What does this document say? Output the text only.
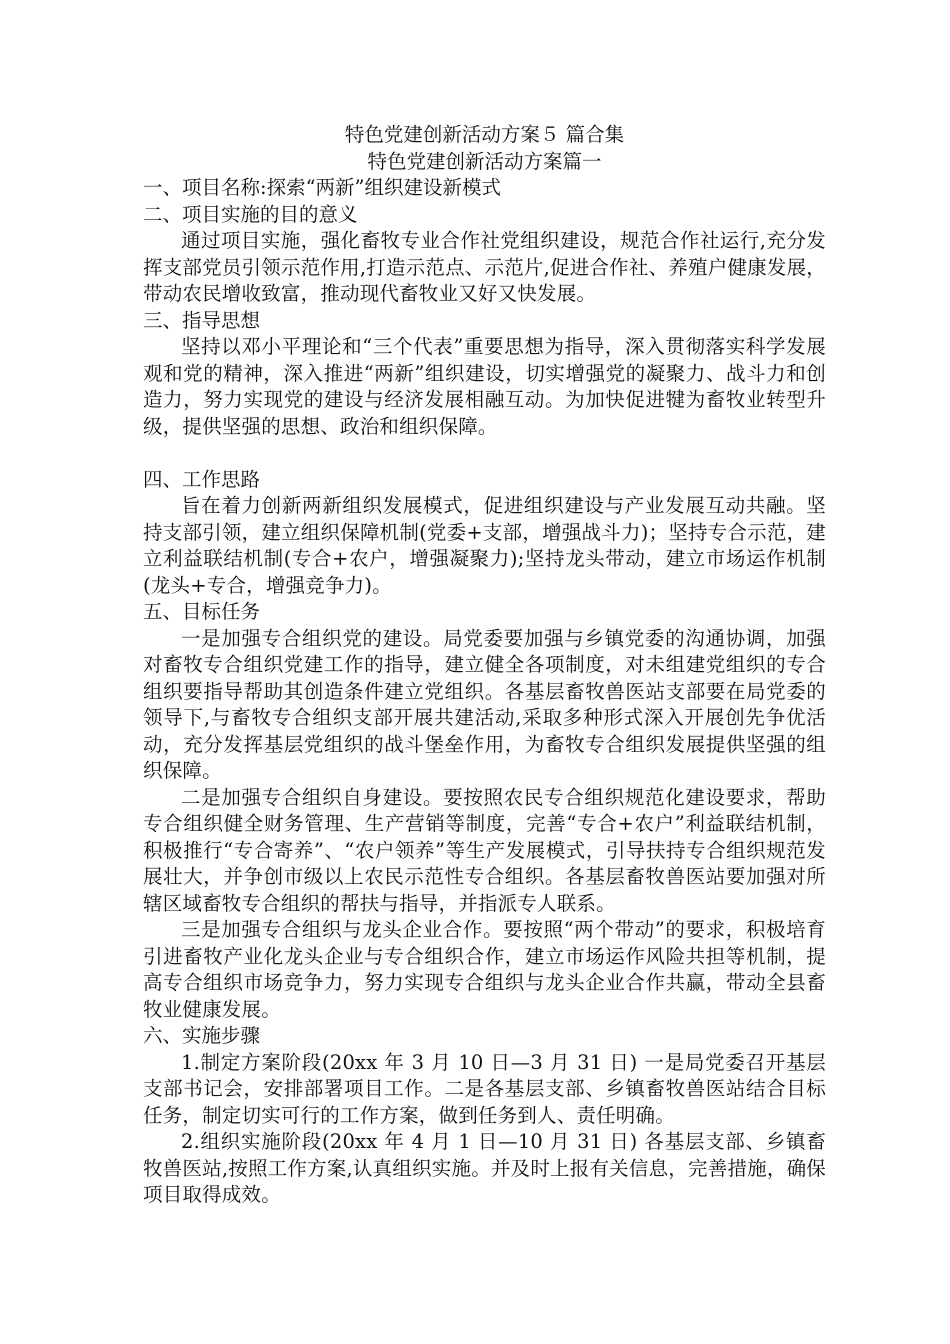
特色党建创新活动方案５ 篇合集
特色党建创新活动方案篇一
一、项目名称:探索“两新”组织建设新模式
二、项目实施的目的意义

通过项目实施，强化畜牧专业合作社党组织建设，规范合作社运行,充分发挥支部党员引领示范作用,打造示范点、示范片,促进合作社、养殖户健康发展，带动农民增收致富，推动现代畜牧业又好又快发展。

三、指导思想

坚持以邓小平理论和“三个代表”重要思想为指导，深入贯彻落实科学发展观和党的精神，深入推进“两新”组织建设，切实增强党的凝聚力、战斗力和创造力，努力实现党的建设与经济发展相融互动。为加快促进犍为畜牧业转型升级，提供坚强的思想、政治和组织保障。

四、工作思路

旨在着力创新两新组织发展模式，促进组织建设与产业发展互动共融。坚持支部引领，建立组织保障机制(党委+支部，增强战斗力)；坚持专合示范，建立利益联结机制(专合+农户，增强凝聚力);坚持龙头带动，建立市场运作机制(龙头+专合，增强竞争力)。

五、目标任务

一是加强专合组织党的建设。局党委要加强与乡镇党委的沟通协调，加强对畜牧专合组织党建工作的指导，建立健全各项制度，对未组建党组织的专合组织要指导帮助其创造条件建立党组织。各基层畜牧兽医站支部要在局党委的领导下,与畜牧专合组织支部开展共建活动,采取多种形式深入开展创先争优活动，充分发挥基层党组织的战斗堡垒作用，为畜牧专合组织发展提供坚强的组织保障。

二是加强专合组织自身建设。要按照农民专合组织规范化建设要求，帮助专合组织健全财务管理、生产营销等制度，完善“专合+农户”利益联结机制，积极推行“专合寄养”、“农户领养”等生产发展模式，引导扶持专合组织规范发展壮大，并争创市级以上农民示范性专合组织。各基层畜牧兽医站要加强对所辖区域畜牧专合组织的帮扶与指导，并指派专人联系。

三是加强专合组织与龙头企业合作。要按照“两个带动”的要求，积极培育引进畜牧产业化龙头企业与专合组织合作，建立市场运作风险共担等机制，提高专合组织市场竞争力，努力实现专合组织与龙头企业合作共赢，带动全县畜牧业健康发展。

六、实施步骤

1.制定方案阶段(20xx 年 3 月 10 日—3 月 31 日) 一是局党委召开基层支部书记会，安排部署项目工作。二是各基层支部、乡镇畜牧兽医站结合目标任务，制定切实可行的工作方案，做到任务到人、责任明确。

2.组织实施阶段(20xx 年 4 月 1 日—10 月 31 日) 各基层支部、乡镇畜牧兽医站,按照工作方案,认真组织实施。并及时上报有关信息，完善措施，确保项目取得成效。
